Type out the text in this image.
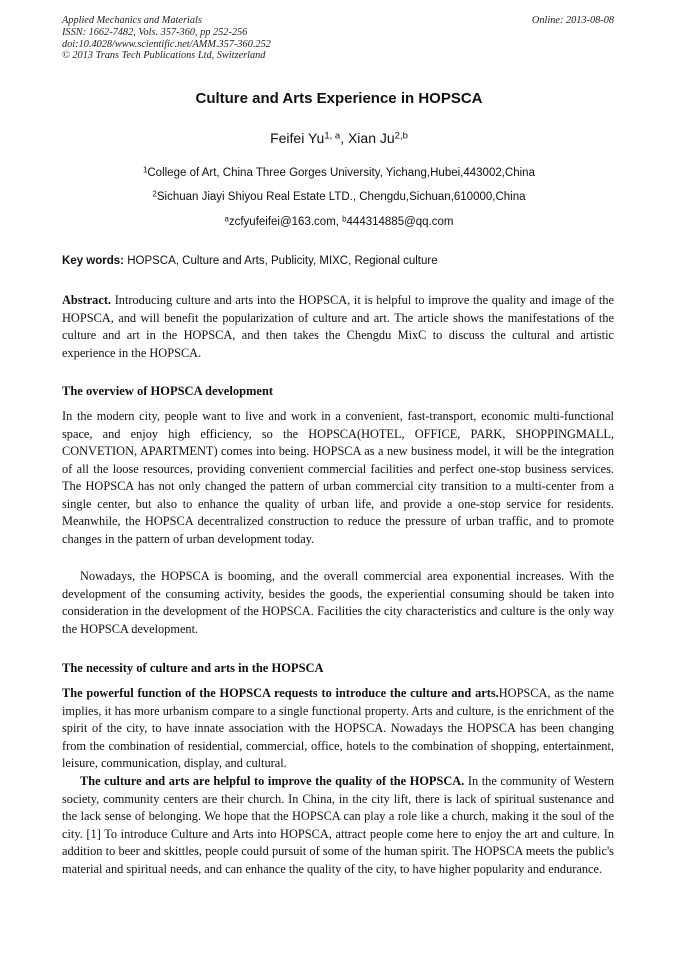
Applied Mechanics and Materials
ISSN: 1662-7482, Vols. 357-360, pp 252-256
doi:10.4028/www.scientific.net/AMM.357-360.252
© 2013 Trans Tech Publications Ltd, Switzerland
Online: 2013-08-08
Culture and Arts Experience in HOPSCA
Feifei Yu$^{1, a}$, Xian Ju$^{2,b}$
$^1$College of Art, China Three Gorges University, Yichang,Hubei,443002,China
$^2$Sichuan Jiayi Shiyou Real Estate LTD., Chengdu,Sichuan,610000,China
$^a$zcfyufeifei@163.com, $^b$444314885@qq.com
Key words: HOPSCA, Culture and Arts, Publicity, MIXC, Regional culture
Abstract. Introducing culture and arts into the HOPSCA, it is helpful to improve the quality and image of the HOPSCA, and will benefit the popularization of culture and art. The article shows the manifestations of the culture and art in the HOPSCA, and then takes the Chengdu MixC to discuss the cultural and artistic experience in the HOPSCA.
The overview of HOPSCA development
In the modern city, people want to live and work in a convenient, fast-transport, economic multi-functional space, and enjoy high efficiency, so the HOPSCA(HOTEL, OFFICE, PARK, SHOPPINGMALL, CONVETION, APARTMENT) comes into being. HOPSCA as a new business model, it will be the integration of all the loose resources, providing convenient commercial facilities and perfect one-stop business services. The HOPSCA has not only changed the pattern of urban commercial city transition to a multi-center from a single center, but also to enhance the quality of urban life, and provide a one-stop service for residents. Meanwhile, the HOPSCA decentralized construction to reduce the pressure of urban traffic, and to promote changes in the pattern of urban development today.
Nowadays, the HOPSCA is booming, and the overall commercial area exponential increases. With the development of the consuming activity, besides the goods, the experiential consuming should be taken into consideration in the development of the HOPSCA. Facilities the city characteristics and culture is the only way the HOPSCA development.
The necessity of culture and arts in the HOPSCA
The powerful function of the HOPSCA requests to introduce the culture and arts.HOPSCA, as the name implies, it has more urbanism compare to a single functional property. Arts and culture, is the enrichment of the spirit of the city, to have innate association with the HOPSCA. Nowadays the HOPSCA has been changing from the combination of residential, commercial, office, hotels to the combination of shopping, entertainment, leisure, communication, display, and cultural.
The culture and arts are helpful to improve the quality of the HOPSCA. In the community of Western society, community centers are their church. In China, in the city lift, there is lack of spiritual sustenance and the lack sense of belonging. We hope that the HOPSCA can play a role like a church, making it the soul of the city. [1] To introduce Culture and Arts into HOPSCA, attract people come here to enjoy the art and culture. In addition to beer and skittles, people could pursuit of some of the human spirit. The HOPSCA meets the public's material and spiritual needs, and can enhance the quality of the city, to have higher popularity and endurance.
